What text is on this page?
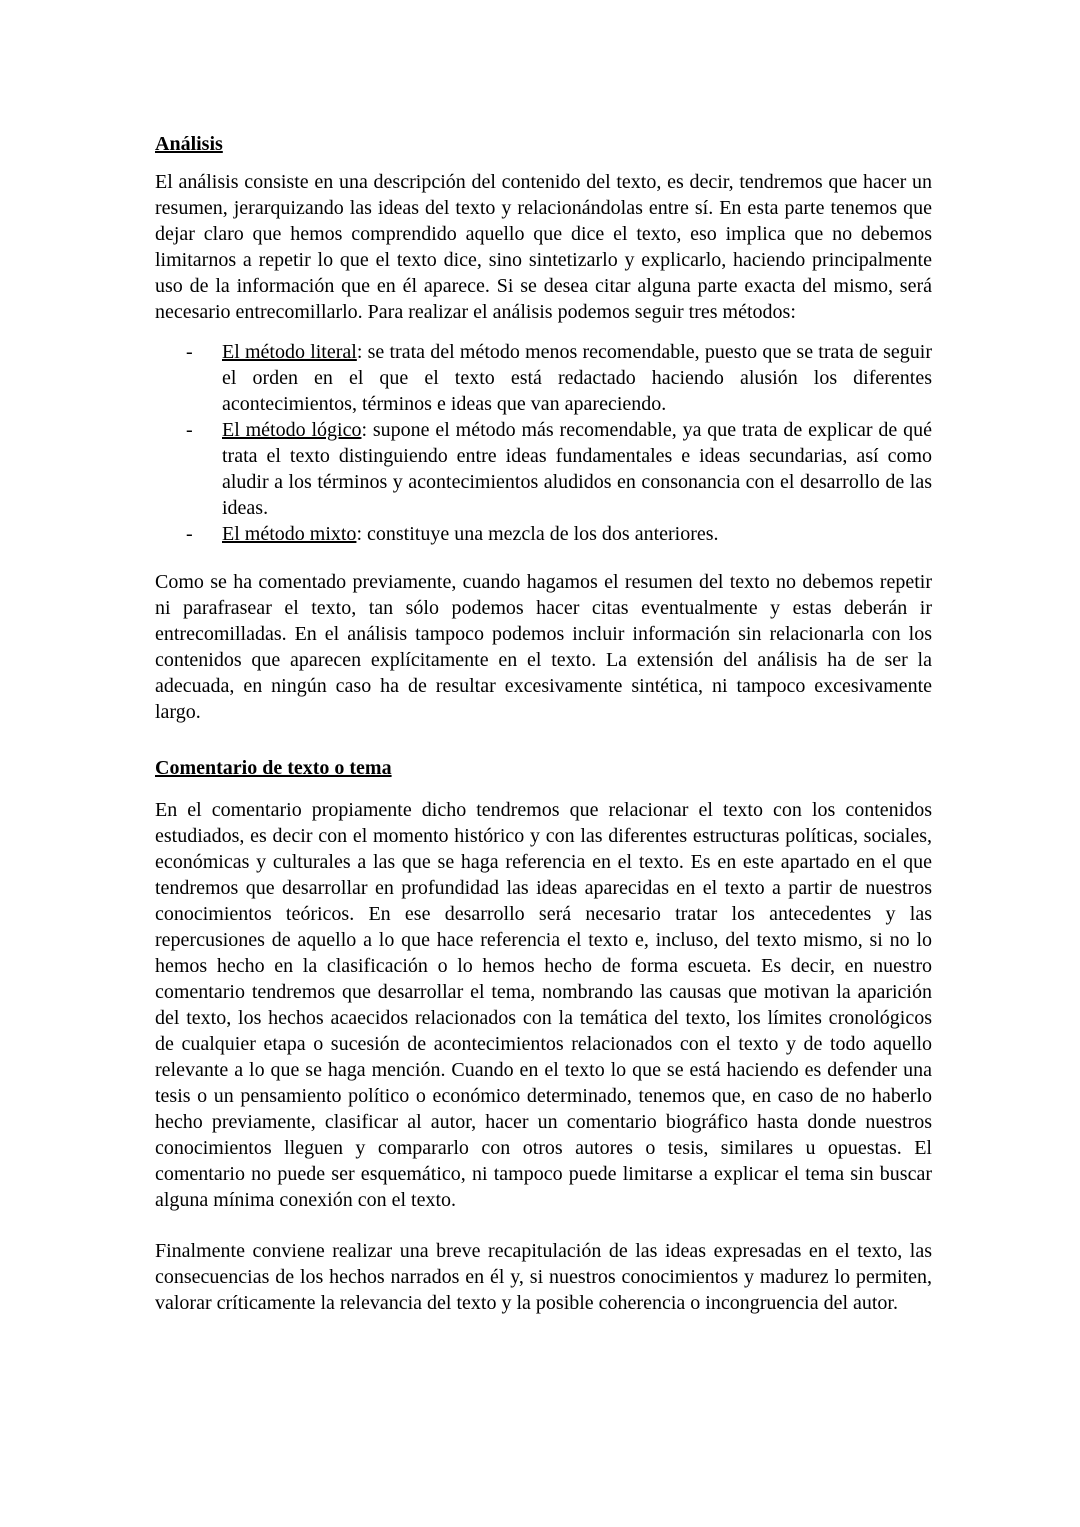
Análisis

El análisis consiste en una descripción del contenido del texto, es decir, tendremos que hacer un resumen, jerarquizando las ideas del texto y relacionándolas entre sí. En esta parte tenemos que dejar claro que hemos comprendido aquello que dice el texto, eso implica que no debemos limitarnos a repetir lo que el texto dice, sino sintetizarlo y explicarlo, haciendo principalmente uso de la información que en él aparece. Si se desea citar alguna parte exacta del mismo, será necesario entrecomillarlo. Para realizar el análisis podemos seguir tres métodos:

- El método literal: se trata del método menos recomendable, puesto que se trata de seguir el orden en el que el texto está redactado haciendo alusión los diferentes acontecimientos, términos e ideas que van apareciendo.
- El método lógico: supone el método más recomendable, ya que trata de explicar de qué trata el texto distinguiendo entre ideas fundamentales e ideas secundarias, así como aludir a los términos y acontecimientos aludidos en consonancia con el desarrollo de las ideas.
- El método mixto: constituye una mezcla de los dos anteriores.

Como se ha comentado previamente, cuando hagamos el resumen del texto no debemos repetir ni parafrasear el texto, tan sólo podemos hacer citas eventualmente y estas deberán ir entrecomilladas. En el análisis tampoco podemos incluir información sin relacionarla con los contenidos que aparecen explícitamente en el texto. La extensión del análisis ha de ser la adecuada, en ningún caso ha de resultar excesivamente sintética, ni tampoco excesivamente largo.

Comentario de texto o tema

En el comentario propiamente dicho tendremos que relacionar el texto con los contenidos estudiados, es decir con el momento histórico y con las diferentes estructuras políticas, sociales, económicas y culturales a las que se haga referencia en el texto. Es en este apartado en el que tendremos que desarrollar en profundidad las ideas aparecidas en el texto a partir de nuestros conocimientos teóricos. En ese desarrollo será necesario tratar los antecedentes y las repercusiones de aquello a lo que hace referencia el texto e, incluso, del texto mismo, si no lo hemos hecho en la clasificación o lo hemos hecho de forma escueta. Es decir, en nuestro comentario tendremos que desarrollar el tema, nombrando las causas que motivan la aparición del texto, los hechos acaecidos relacionados con la temática del texto, los límites cronológicos de cualquier etapa o sucesión de acontecimientos relacionados con el texto y de todo aquello relevante a lo que se haga mención. Cuando en el texto lo que se está haciendo es defender una tesis o un pensamiento político o económico determinado, tenemos que, en caso de no haberlo hecho previamente, clasificar al autor, hacer un comentario biográfico hasta donde nuestros conocimientos lleguen y compararlo con otros autores o tesis, similares u opuestas. El comentario no puede ser esquemático, ni tampoco puede limitarse a explicar el tema sin buscar alguna mínima conexión con el texto.

Finalmente conviene realizar una breve recapitulación de las ideas expresadas en el texto, las consecuencias de los hechos narrados en él y, si nuestros conocimientos y madurez lo permiten, valorar críticamente la relevancia del texto y la posible coherencia o incongruencia del autor.
